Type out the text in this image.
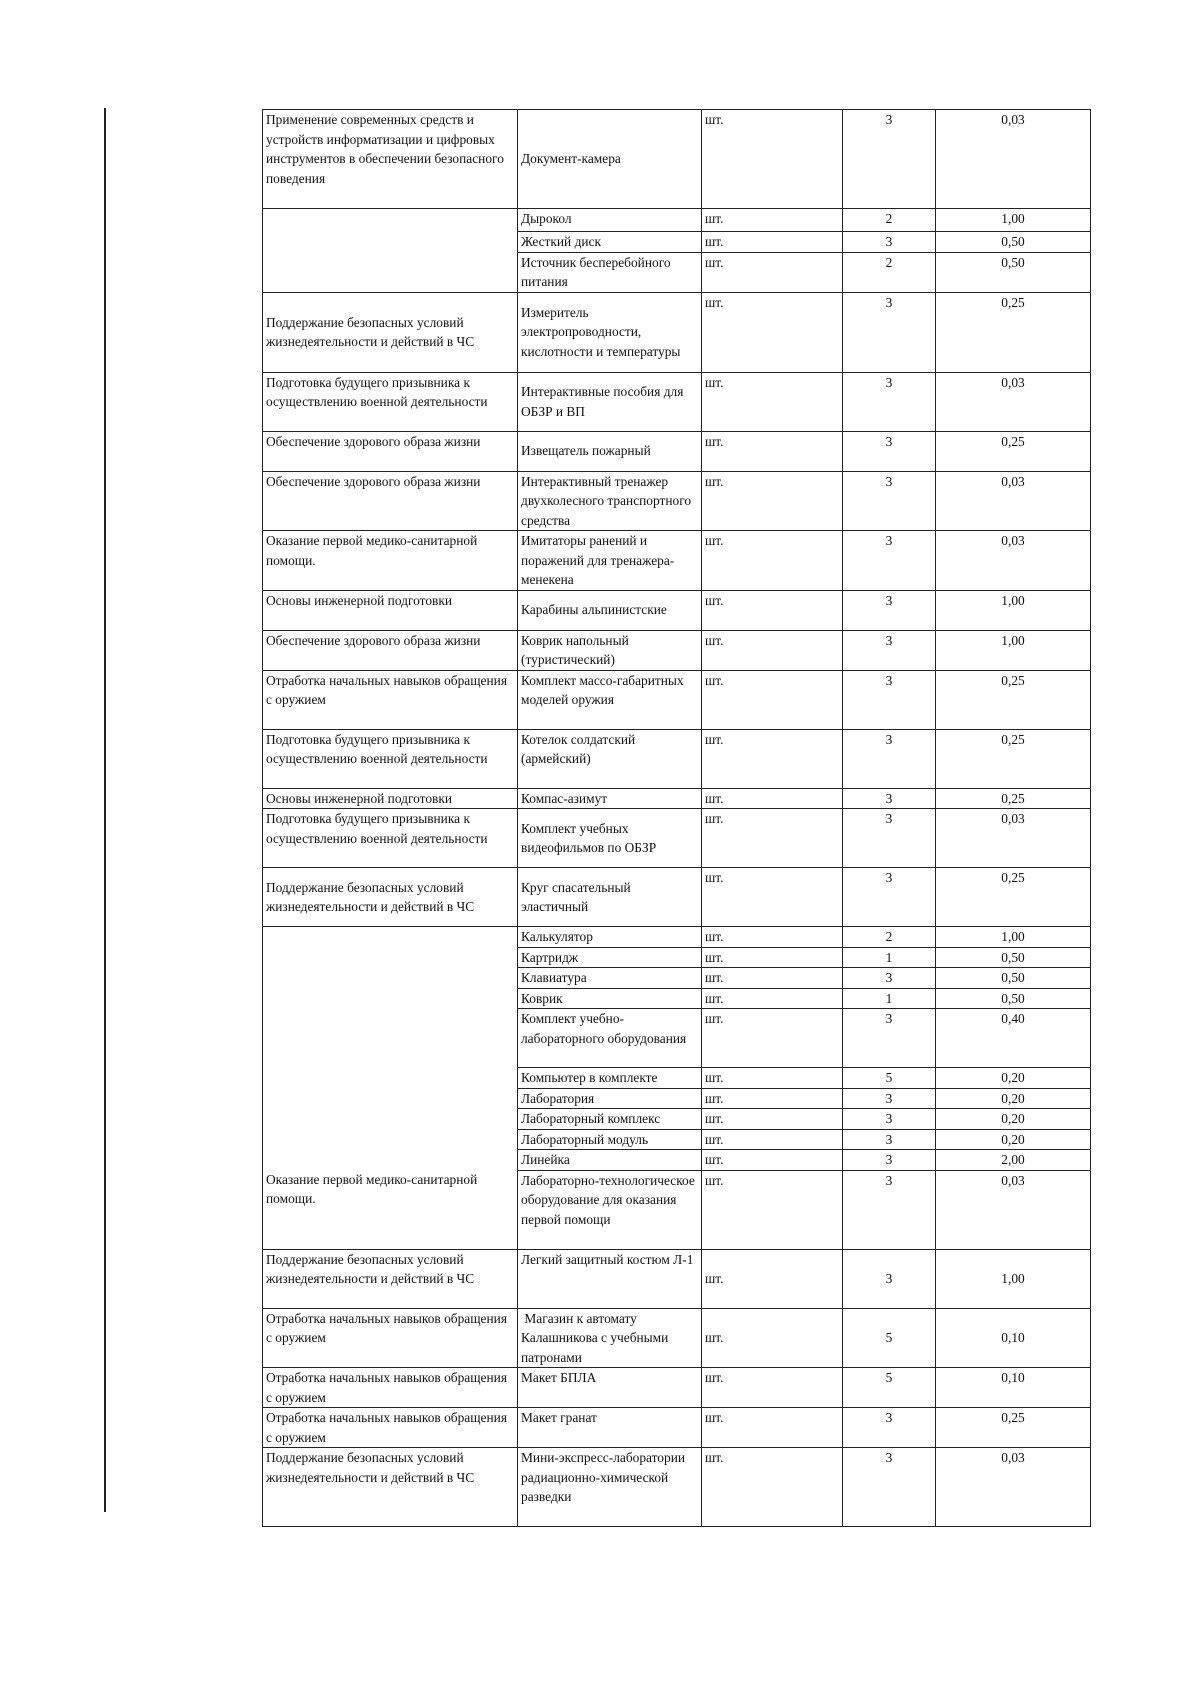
Применение современных средств и устройств информатизации и цифровых инструментов в обеспечении безопасного поведения	Документ-камера	шт.	3	0,03
	Дырокол	шт.	2	1,00
	Жесткий диск	шт.	3	0,50
	Источник бесперебойного питания	шт.	2	0,50
Поддержание безопасных условий жизнедеятельности и действий в ЧС	Измеритель электропроводности, кислотности и температуры	шт.	3	0,25
Подготовка будущего призывника к осуществлению военной деятельности	Интерактивные пособия для ОБЗР и ВП	шт.	3	0,03
Обеспечение здорового образа жизни	Извещатель пожарный	шт.	3	0,25
Обеспечение здорового образа жизни	Интерактивный тренажер двухколесного транспортного средства	шт.	3	0,03
Оказание первой медико-санитарной помощи.	Имитаторы ранений и поражений для тренажера-менекена	шт.	3	0,03
Основы инженерной подготовки	Карабины альпинистские	шт.	3	1,00
Обеспечение здорового образа жизни	Коврик напольный (туристический)	шт.	3	1,00
Отработка начальных навыков обращения с оружием	Комплект массо-габаритных моделей оружия	шт.	3	0,25
Подготовка будущего призывника к осуществлению военной деятельности	Котелок солдатский (армейский)	шт.	3	0,25
Основы инженерной подготовки	Компас-азимут	шт.	3	0,25
Подготовка будущего призывника к осуществлению военной деятельности	Комплект учебных видеофильмов по ОБЗР	шт.	3	0,03
Поддержание безопасных условий жизнедеятельности и действий в ЧС	Круг спасательный эластичный	шт.	3	0,25
Оказание первой медико-санитарной помощи.	Калькулятор	шт.	2	1,00
	Картридж	шт.	1	0,50
	Клавиатура	шт.	3	0,50
	Коврик	шт.	1	0,50
	Комплект учебно-лабораторного оборудования	шт.	3	0,40
	Компьютер в комплекте	шт.	5	0,20
	Лаборатория	шт.	3	0,20
	Лабораторный комплекс	шт.	3	0,20
	Лабораторный модуль	шт.	3	0,20
	Линейка	шт.	3	2,00
	Лабораторно-технологическое оборудование для оказания первой помощи	шт.	3	0,03
Поддержание безопасных условий жизнедеятельности и действий в ЧС	Легкий защитный костюм Л-1	шт.	3	1,00
Отработка начальных навыков обращения с оружием	Магазин к автомату Калашникова с учебными патронами	шт.	5	0,10
Отработка начальных навыков обращения с оружием	Макет БПЛА	шт.	5	0,10
Отработка начальных навыков обращения с оружием	Макет гранат	шт.	3	0,25
Поддержание безопасных условий жизнедеятельности и действий в ЧС	Мини-экспресс-лаборатории радиационно-химической разведки	шт.	3	0,03
